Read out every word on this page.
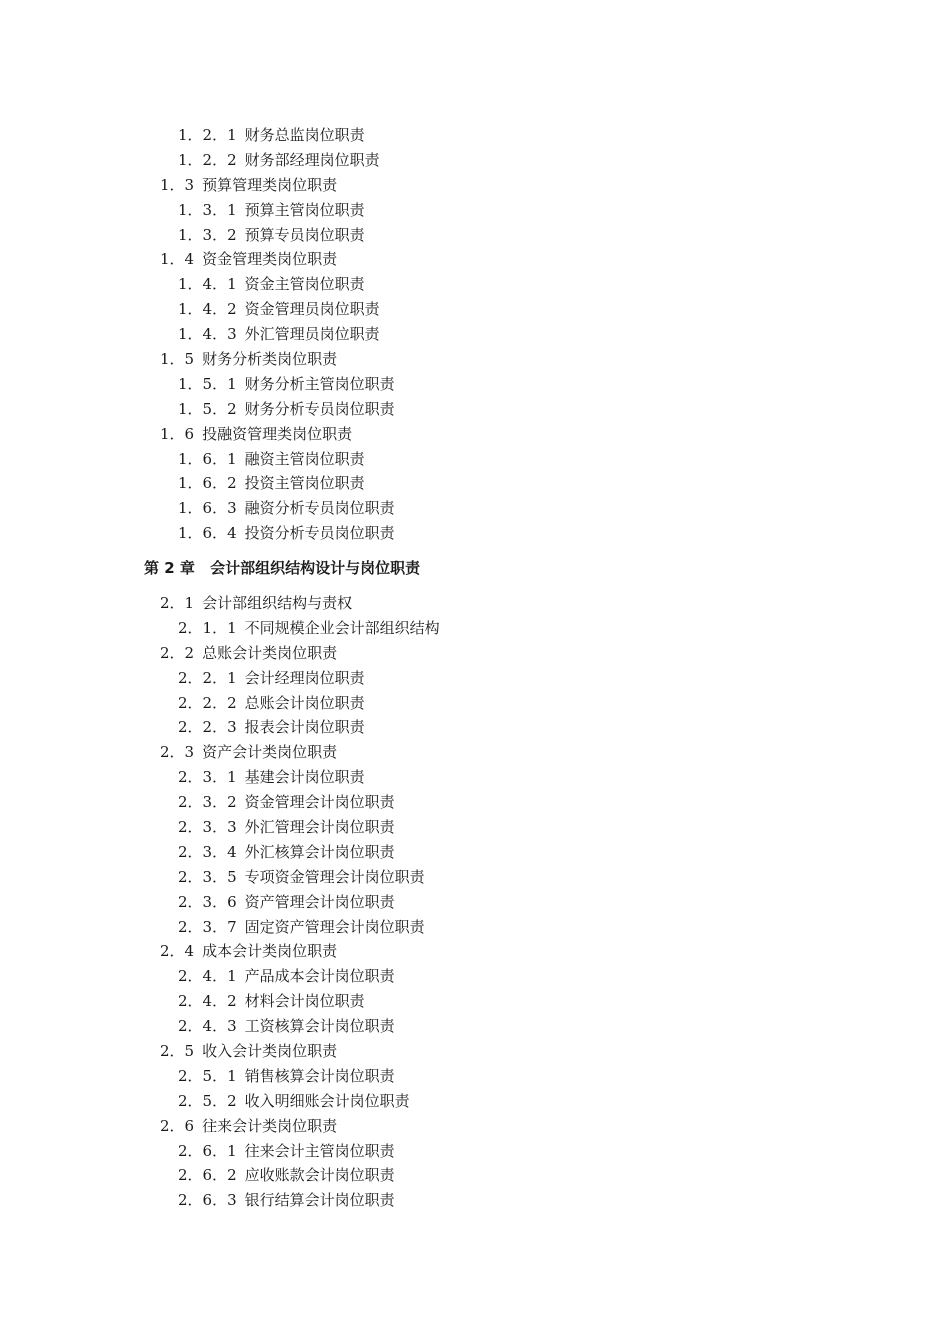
1．2．1 财务总监岗位职责
1．2．2 财务部经理岗位职责
1．3 预算管理类岗位职责
1．3．1 预算主管岗位职责
1．3．2 预算专员岗位职责
1．4 资金管理类岗位职责
1．4．1 资金主管岗位职责
1．4．2 资金管理员岗位职责
1．4．3 外汇管理员岗位职责
1．5 财务分析类岗位职责
1．5．1 财务分析主管岗位职责
1．5．2 财务分析专员岗位职责
1．6 投融资管理类岗位职责
1．6．1 融资主管岗位职责
1．6．2 投资主管岗位职责
1．6．3 融资分析专员岗位职责
1．6．4 投资分析专员岗位职责
第 2 章 会计部组织结构设计与岗位职责
2．1 会计部组织结构与责权
2．1．1 不同规模企业会计部组织结构
2．2 总账会计类岗位职责
2．2．1 会计经理岗位职责
2．2．2 总账会计岗位职责
2．2．3 报表会计岗位职责
2．3 资产会计类岗位职责
2．3．1 基建会计岗位职责
2．3．2 资金管理会计岗位职责
2．3．3 外汇管理会计岗位职责
2．3．4 外汇核算会计岗位职责
2．3．5 专项资金管理会计岗位职责
2．3．6 资产管理会计岗位职责
2．3．7 固定资产管理会计岗位职责
2．4 成本会计类岗位职责
2．4．1 产品成本会计岗位职责
2．4．2 材料会计岗位职责
2．4．3 工资核算会计岗位职责
2．5 收入会计类岗位职责
2．5．1 销售核算会计岗位职责
2．5．2 收入明细账会计岗位职责
2．6 往来会计类岗位职责
2．6．1 往来会计主管岗位职责
2．6．2 应收账款会计岗位职责
2．6．3 银行结算会计岗位职责
